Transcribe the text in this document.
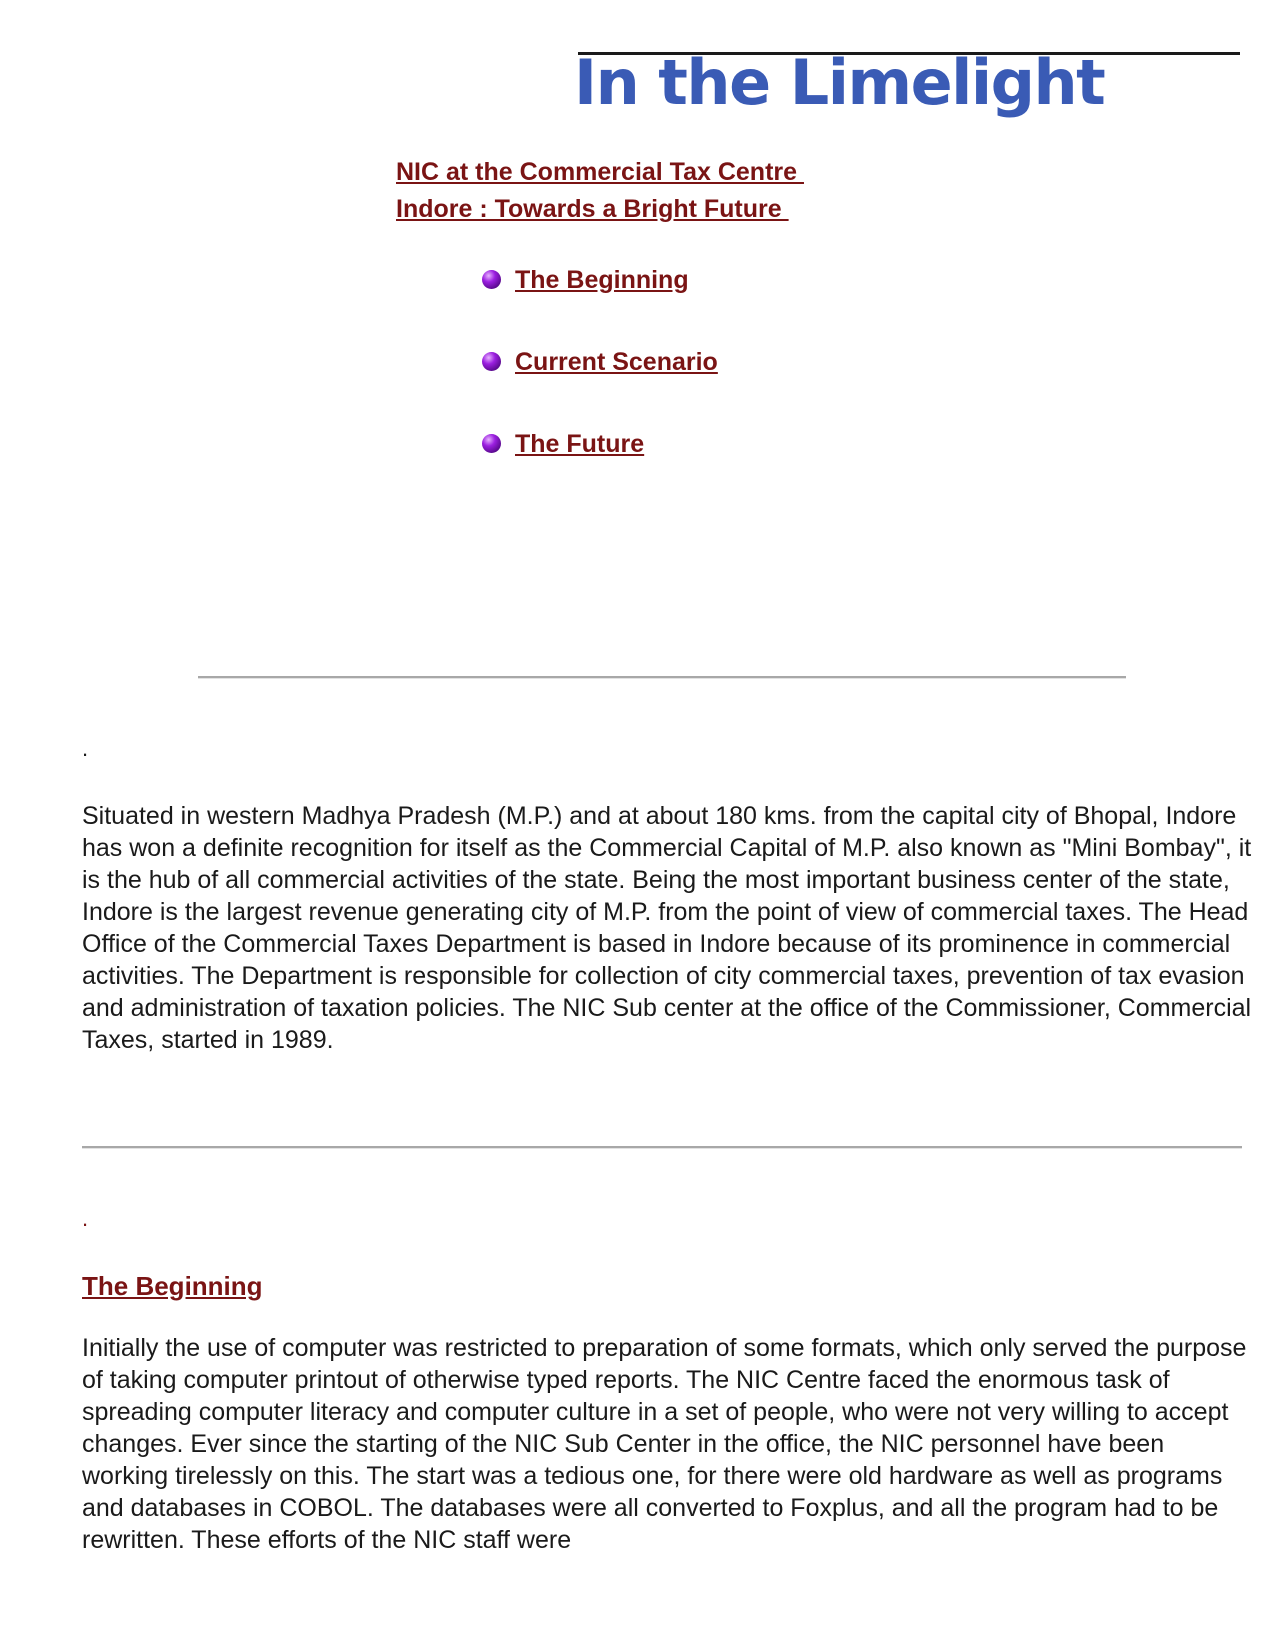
In the Limelight
NIC at the Commercial Tax Centre
Indore : Towards a Bright Future
The Beginning
Current Scenario
The Future

.

Situated in western Madhya Pradesh (M.P.) and at about 180 kms. from the capital city of Bhopal, Indore has won a definite recognition for itself as the Commercial Capital of M.P. also known as "Mini Bombay", it is the hub of all commercial activities of the state. Being the most important business center of the state, Indore is the largest revenue generating city of M.P. from the point of view of commercial taxes. The Head Office of the Commercial Taxes Department is based in Indore because of its prominence in commercial activities. The Department is responsible for collection of city commercial taxes, prevention of tax evasion and administration of taxation policies. The NIC Sub center at the office of the Commissioner, Commercial Taxes, started in 1989.

.

The Beginning

Initially the use of computer was restricted to preparation of some formats, which only served the purpose of taking computer printout of otherwise typed reports. The NIC Centre faced the enormous task of spreading computer literacy and computer culture in a set of people, who were not very willing to accept changes. Ever since the starting of the NIC Sub Center in the office, the NIC personnel have been working tirelessly on this. The start was a tedious one, for there were old hardware as well as programs and databases in COBOL. The databases were all converted to Foxplus, and all the program had to be rewritten. These efforts of the NIC staff were
